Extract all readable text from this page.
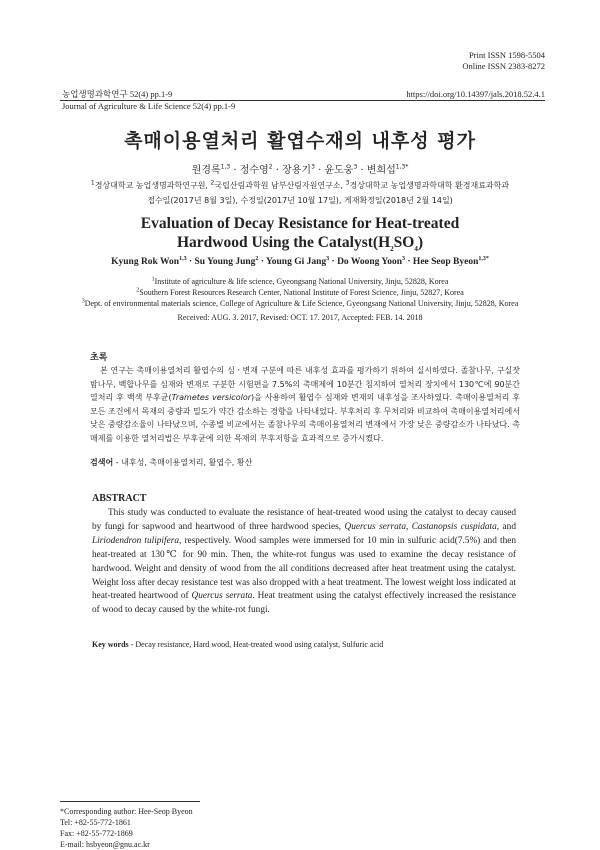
Print ISSN 1598-5504
Online ISSN 2383-8272
농업생명과학연구 52(4) pp.1-9	https://doi.org/10.14397/jals.2018.52.4.1
Journal of Agriculture & Life Science 52(4) pp.1-9
촉매이용열처리 활엽수재의 내후성 평가
원경록$^{1,3}$ · 정수영$^2$ · 장용기$^3$ · 윤도웅$^3$ · 변희섭$^{1,3*}$
$^1$경상대학교 농업생명과학연구원, $^2$국립산림과학원 남부산림자원연구소, $^3$경상대학교 농업생명과학대학 환경재료과학과
접수일(2017년 8월 3일), 수정일(2017년 10월 17일), 게재확정일(2018년 2월 14일)
Evaluation of Decay Resistance for Heat-treated
Hardwood Using the $Catalyst(H_2SO_4)$
Kyung Rok Won$^{1,3}$ · Su Young Jung$^2$ · Young Gi Jang$^3$ · Do Woong Yoon$^3$ · Hee Seop Byeon$^{1,3*}$
$^1$Institute of agriculture & life science, Gyeongsang National University, Jinju, 52828, Korea
$^2$Southern Forest Resources Research Center, National Institute of Forest Science, Jinju, 52827, Korea
$^3$Dept. of environmental materials science, College of Agriculture & Life Science, Gyeongsang National University, Jinju, 52828, Korea
Received: AUG. 3. 2017, Revised: OCT. 17. 2017, Accepted: FEB. 14. 2018
초록
본 연구는 촉매이용열처리 활엽수의 심ㆍ변재 구분에 따른 내후성 효과를 평가하기 위하여 실시하였다. 졸참나무, 구실잣밤나무, 백합나무를 심재와 변재로 구분한 시험편을 7.5%의 촉매제에 10분간 침지하여 열처리 장치에서 130℃에 90분간 열처리 후 백색 부후균(Trametes versicolor)을 사용하여 활엽수 심재와 변재의 내후성을 조사하였다. 촉매이용열처리 후 모든 조건에서 목재의 중량과 밀도가 약간 감소하는 경향을 나타내었다. 부후처리 후 무처리와 비교하여 촉매이용열처리에서 낮은 중량감소율이 나타났으며, 수종별 비교에서는 졸참나무의 촉매이용열처리 변재에서 가장 낮은 중량감소가 나타났다. 촉매제를 이용한 열처리법은 부후균에 의한 목재의 부후저항을 효과적으로 증가시켰다.
검색어 - 내후성, 촉매이용열처리, 활엽수, 황산
ABSTRACT
This study was conducted to evaluate the resistance of heat-treated wood using the catalyst to decay caused by fungi for sapwood and heartwood of three hardwood species, Quercus serrata, Castanopsis cuspidata, and Liriodendron tulipifera, respectively. Wood samples were immersed for 10 min in sulfuric acid(7.5%) and then heat-treated at 130℃ for 90 min. Then, the white-rot fungus was used to examine the decay resistance of hardwood. Weight and density of wood from the all conditions decreased after heat treatment using the catalyst. Weight loss after decay resistance test was also dropped with a heat treatment. The lowest weight loss indicated at heat-treated heartwood of Quercus serrata. Heat treatment using the catalyst effectively increased the resistance of wood to decay caused by the white-rot fungi.
Key words - Decay resistance, Hard wood, Heat-treated wood using catalyst, Sulfuric acid
*Corresponding author: Hee-Seop Byeon
Tel: +82-55-772-1861
Fax: +82-55-772-1869
E-mail: hsbyeon@gnu.ac.kr
